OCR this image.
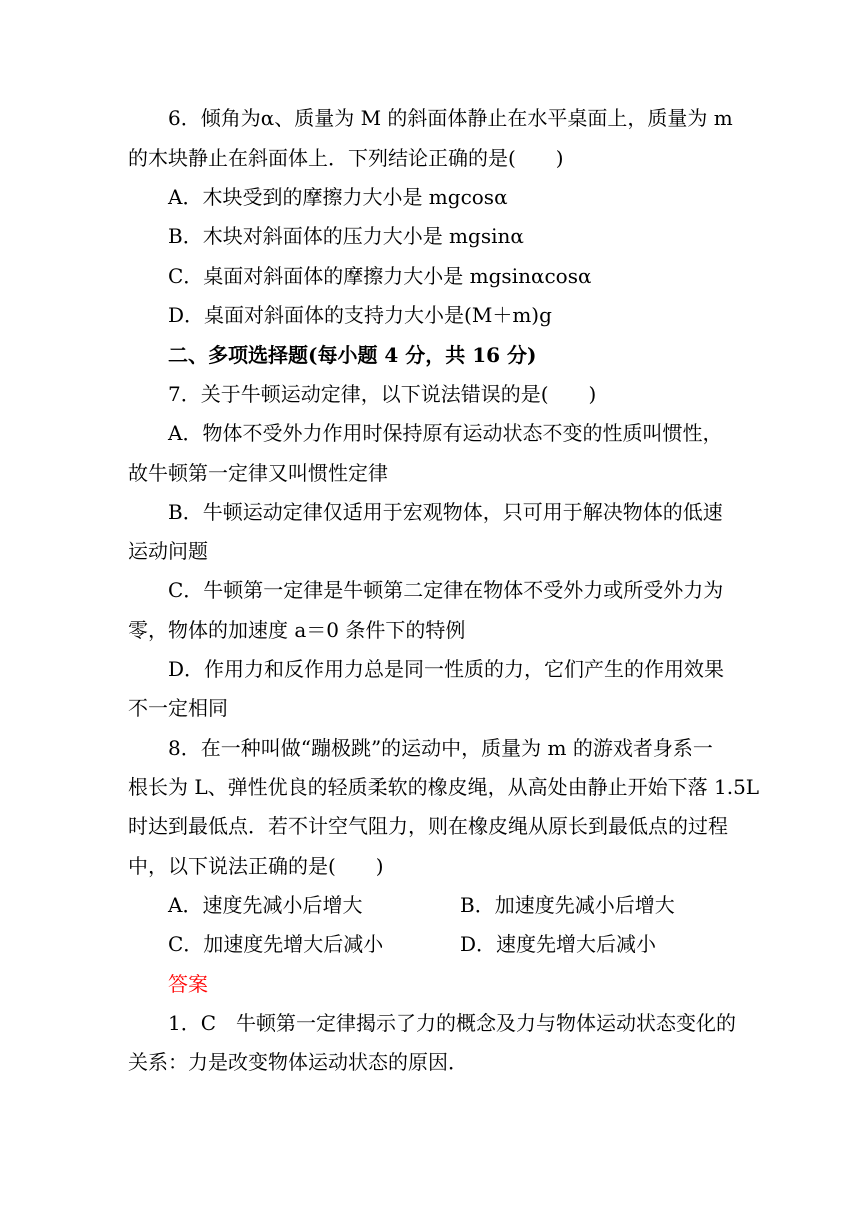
6．倾角为α、质量为 M 的斜面体静止在水平桌面上，质量为 m
的木块静止在斜面体上．下列结论正确的是(　　)
A．木块受到的摩擦力大小是 mgcosα
B．木块对斜面体的压力大小是 mgsinα
C．桌面对斜面体的摩擦力大小是 mgsinαcosα
D．桌面对斜面体的支持力大小是(M＋m)g
二、多项选择题(每小题 4 分，共 16 分)
7．关于牛顿运动定律，以下说法错误的是(　　)
A．物体不受外力作用时保持原有运动状态不变的性质叫惯性，
故牛顿第一定律又叫惯性定律
B．牛顿运动定律仅适用于宏观物体，只可用于解决物体的低速
运动问题
C．牛顿第一定律是牛顿第二定律在物体不受外力或所受外力为
零，物体的加速度 a＝0 条件下的特例
D．作用力和反作用力总是同一性质的力，它们产生的作用效果
不一定相同
8．在一种叫做“蹦极跳”的运动中，质量为 m 的游戏者身系一
根长为 L、弹性优良的轻质柔软的橡皮绳，从高处由静止开始下落 1.5L
时达到最低点．若不计空气阻力，则在橡皮绳从原长到最低点的过程
中，以下说法正确的是(　　)
A．速度先减小后增大	B．加速度先减小后增大
C．加速度先增大后减小	D．速度先增大后减小
答案
1．C　牛顿第一定律揭示了力的概念及力与物体运动状态变化的
关系：力是改变物体运动状态的原因．
